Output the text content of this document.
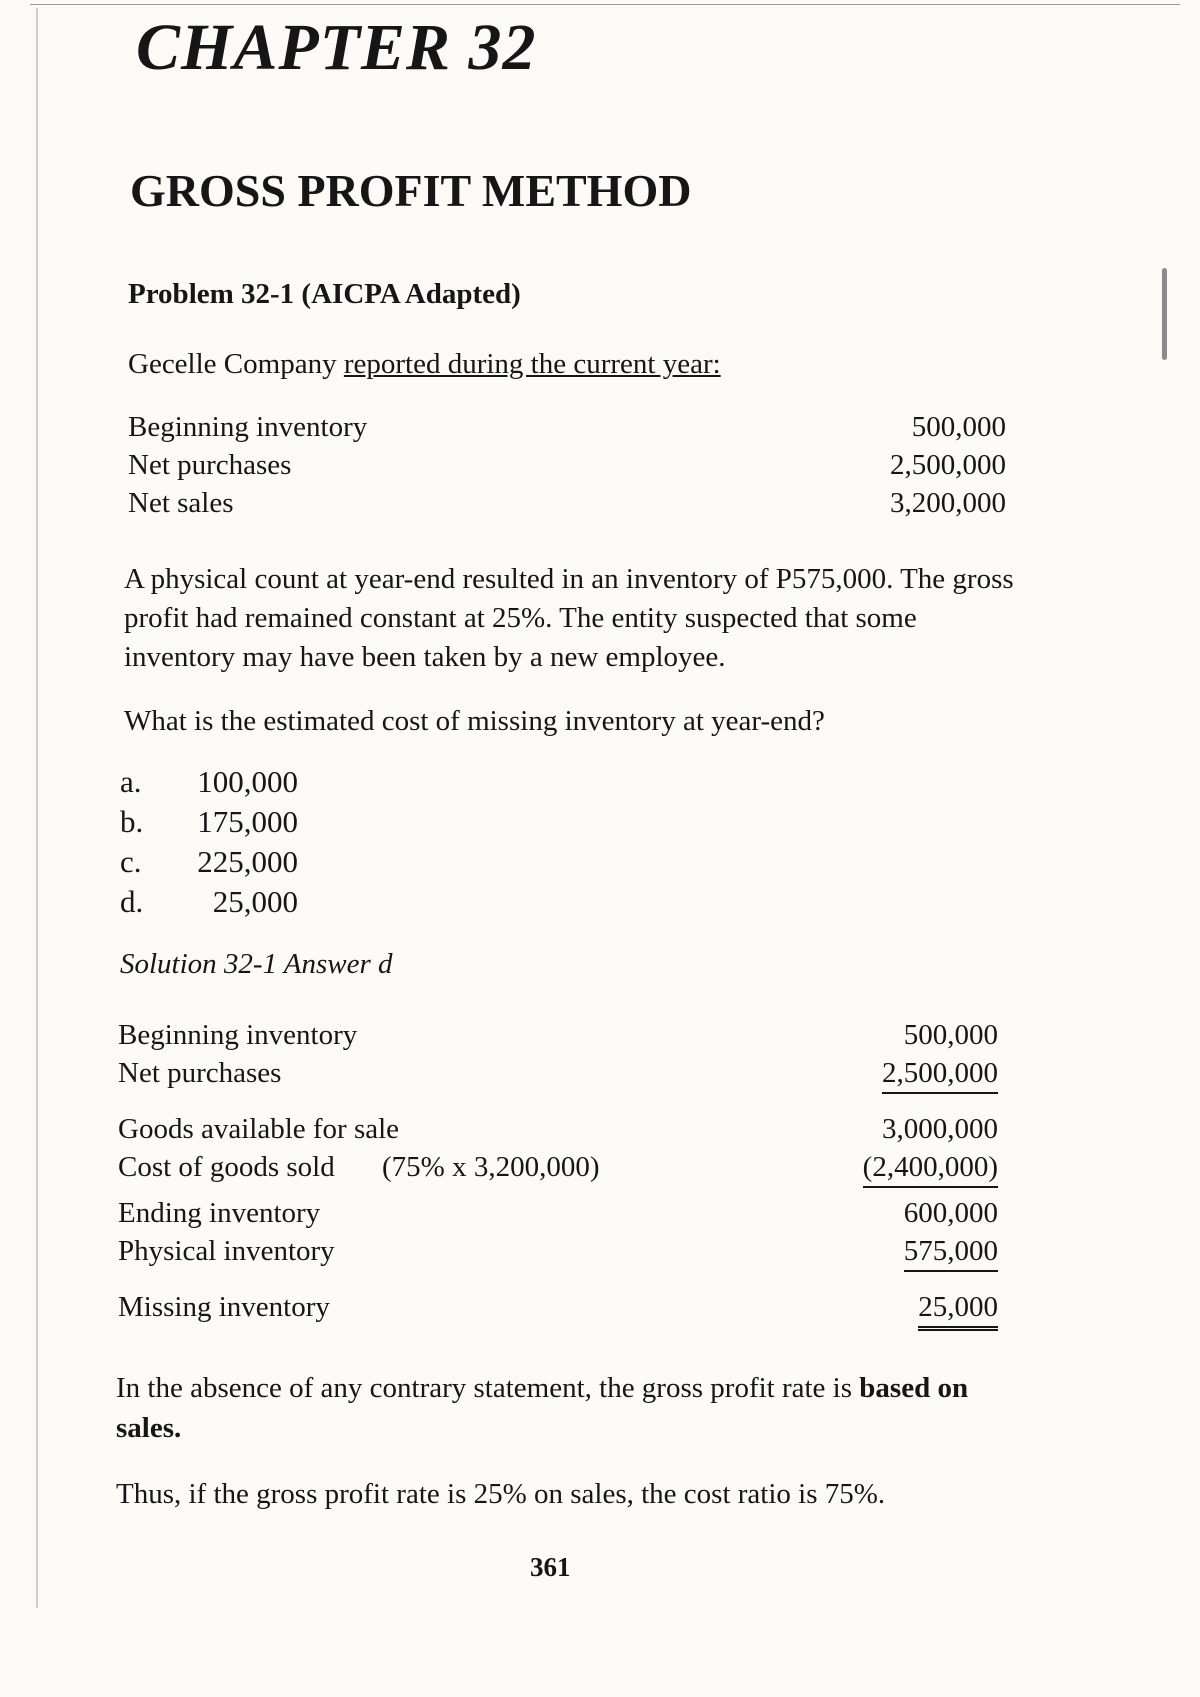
CHAPTER 32
GROSS PROFIT METHOD
Problem 32-1 (AICPA Adapted)
Gecelle Company reported during the current year:
Beginning inventory	500,000
Net purchases	2,500,000
Net sales	3,200,000
A physical count at year-end resulted in an inventory of P575,000. The gross profit had remained constant at 25%. The entity suspected that some inventory may have been taken by a new employee.
What is the estimated cost of missing inventory at year-end?
a.	100,000
b.	175,000
c.	225,000
d.	25,000
Solution 32-1 Answer d
Beginning inventory	500,000
Net purchases	2,500,000
Goods available for sale	3,000,000
Cost of goods sold (75% x 3,200,000)	(2,400,000)
Ending inventory	600,000
Physical inventory	575,000
Missing inventory	25,000
In the absence of any contrary statement, the gross profit rate is based on sales.
Thus, if the gross profit rate is 25% on sales, the cost ratio is 75%.
361
